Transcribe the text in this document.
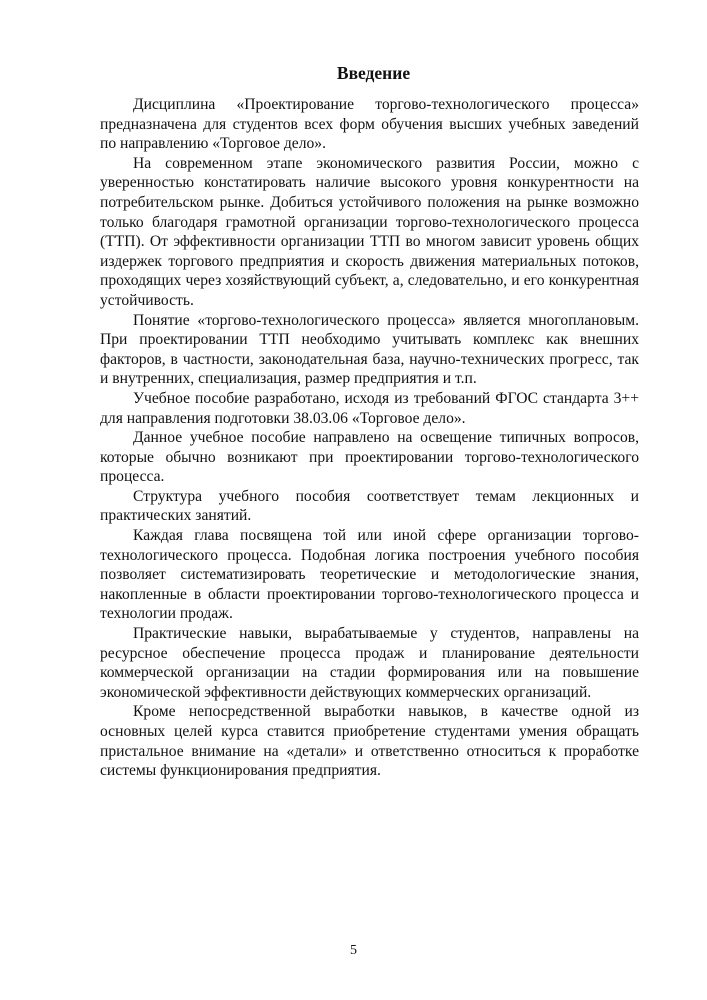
Введение

Дисциплина «Проектирование торгово-технологического процесса» предназначена для студентов всех форм обучения высших учебных заведений по направлению «Торговое дело».

На современном этапе экономического развития России, можно с уверенностью констатировать наличие высокого уровня конкурентности на потребительском рынке. Добиться устойчивого положения на рынке возможно только благодаря грамотной организации торгово-технологического процесса (ТТП). От эффективности организации ТТП во многом зависит уровень общих издержек торгового предприятия и скорость движения материальных потоков, проходящих через хозяйствующий субъект, а, следовательно, и его конкурентная устойчивость.

Понятие «торгово-технологического процесса» является многоплановым. При проектировании ТТП необходимо учитывать комплекс как внешних факторов, в частности, законодательная база, научно-технических прогресс, так и внутренних, специализация, размер предприятия и т.п.

Учебное пособие разработано, исходя из требований ФГОС стандарта 3++ для направления подготовки 38.03.06 «Торговое дело».

Данное учебное пособие направлено на освещение типичных вопросов, которые обычно возникают при проектировании торгово-технологического процесса.

Структура учебного пособия соответствует темам лекционных и практических занятий.

Каждая глава посвящена той или иной сфере организации торгово-технологического процесса. Подобная логика построения учебного пособия позволяет систематизировать теоретические и методологические знания, накопленные в области проектировании торгово-технологического процесса и технологии продаж.

Практические навыки, вырабатываемые у студентов, направлены на ресурсное обеспечение процесса продаж и планирование деятельности коммерческой организации на стадии формирования или на повышение экономической эффективности действующих коммерческих организаций.

Кроме непосредственной выработки навыков, в качестве одной из основных целей курса ставится приобретение студентами умения обращать пристальное внимание на «детали» и ответственно относиться к проработке системы функционирования предприятия.

5
